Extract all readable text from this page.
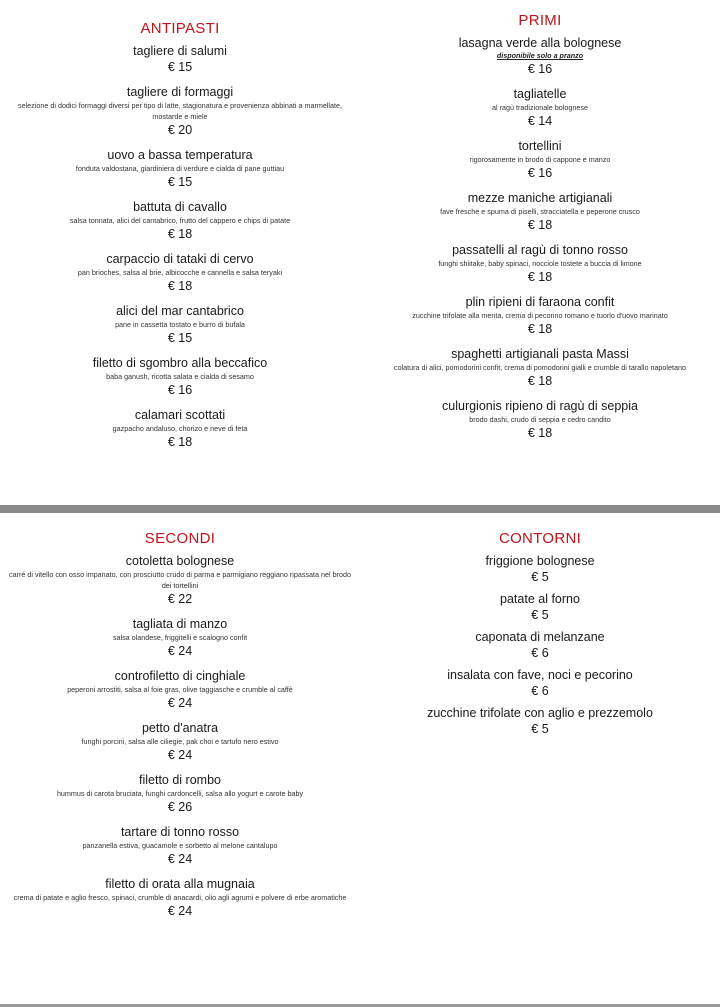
ANTIPASTI
tagliere di salumi
€ 15
tagliere di formaggi
selezione di dodici formaggi diversi per tipo di latte, stagionatura e provenienza abbinati a marmellate, mostarde e miele
€ 20
uovo a bassa temperatura
fonduta valdostana, giardiniera di verdure e cialda di pane guttiau
€ 15
battuta di cavallo
salsa tonnata, alici del cantabrico, frutto del cappero e chips di patate
€ 18
carpaccio di tataki di cervo
pan brioches, salsa al brie, albicocche e cannella e salsa teryaki
€ 18
alici del mar cantabrico
pane in cassetta tostato e burro di bufala
€ 15
filetto di sgombro alla beccafico
baba ganush, ricotta salata e cialda di sesamo
€ 16
calamari scottati
gazpacho andaluso, chorizo e neve di feta
€ 18
PRIMI
lasagna verde alla bolognese
disponibile solo a pranzo
€ 16
tagliatelle
al ragù tradizionale bolognese
€ 14
tortellini
rigorosamente in brodo di cappone e manzo
€ 16
mezze maniche artigianali
fave fresche e spuma di piselli, stracciatella e peperone crusco
€ 18
passatelli al ragù di tonno rosso
funghi shiitake, baby spinaci, nocciole tostete a buccia di limone
€ 18
plin ripieni di faraona confit
zucchine trifolate alla menta, crema di pecorino romano e tuorlo d'uovo marinato
€ 18
spaghetti artigianali pasta Massi
colatura di alici, pomodorini confit, crema di pomodorini gialli e crumble di tarallo napoletano
€ 18
culurgionis ripieno di ragù di seppia
brodo dashi, crudo di seppia e cedro candito
€ 18
SECONDI
cotoletta bolognese
carré di vitello con osso impanato, con prosciutto crudo di parma e parmigiano reggiano ripassata nel brodo dei tortellini
€ 22
tagliata di manzo
salsa olandese, friggitelli e scalogno confit
€ 24
controfiletto di cinghiale
peperoni arrostiti, salsa al foie gras, olive taggiasche e crumble al caffè
€ 24
petto d'anatra
funghi porcini, salsa alle ciliegie, pak choi e tartufo nero estivo
€ 24
filetto di rombo
hummus di carota bruciata, funghi cardoncelli, salsa allo yogurt e carote baby
€ 26
tartare di tonno rosso
panzanella estiva, guacamole e sorbetto al melone cantalupo
€ 24
filetto di orata alla mugnaia
crema di patate e aglio fresco, spinaci, crumble di anacardi, olio agli agrumi e polvere di erbe aromatiche
€ 24
CONTORNI
friggione bolognese
€ 5
patate al forno
€ 5
caponata di melanzane
€ 6
insalata con fave, noci e pecorino
€ 6
zucchine trifolate con aglio e prezzemolo
€ 5
